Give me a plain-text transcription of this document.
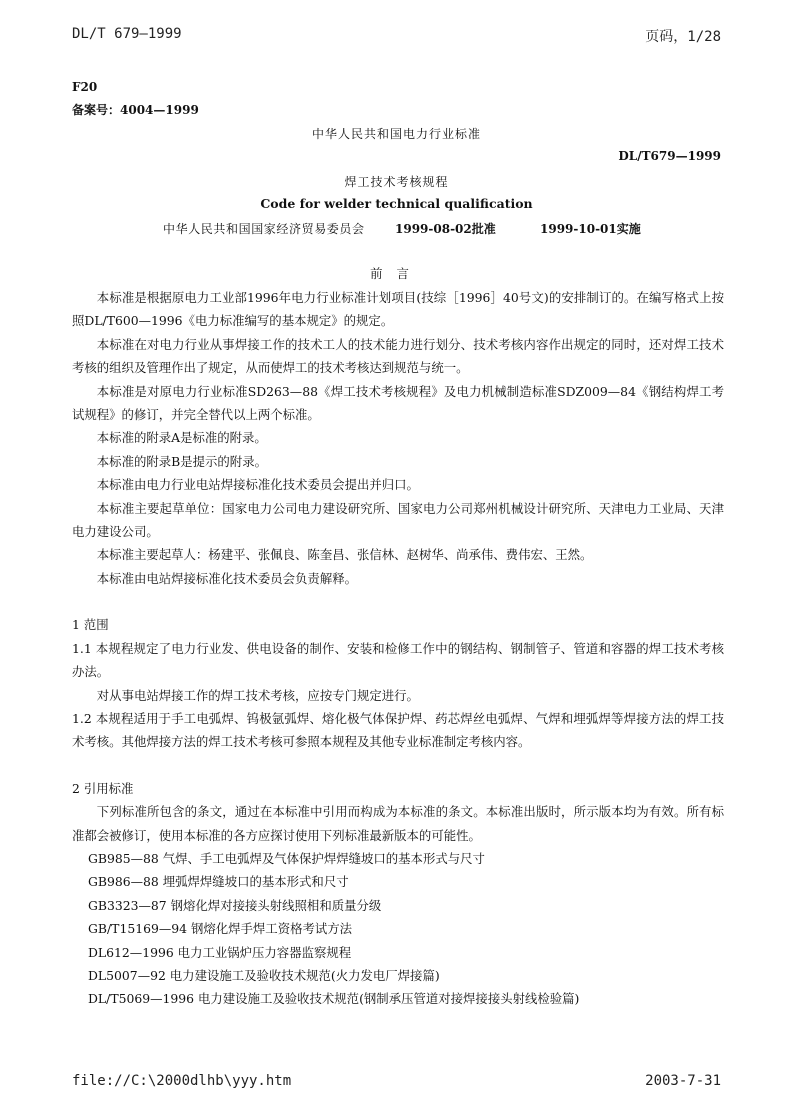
DL/T 679—1999	页码，1/28
F20
备案号：4004—1999
中华人民共和国电力行业标准
DL/T679—1999
焊工技术考核规程
Code for welder technical qualification
中华人民共和国国家经济贸易委员会	1999-08-02批准	1999-10-01实施
前言

本标准是根据原电力工业部1996年电力行业标准计划项目(技综［1996］40号文)的安排制订的。在编写格式上按照DL/T600—1996《电力标准编写的基本规定》的规定。

本标准在对电力行业从事焊接工作的技术工人的技术能力进行划分、技术考核内容作出规定的同时，还对焊工技术考核的组织及管理作出了规定，从而使焊工的技术考核达到规范与统一。

本标准是对原电力行业标准SD263—88《焊工技术考核规程》及电力机械制造标准SDZ009—84《钢结构焊工考试规程》的修订，并完全替代以上两个标准。

本标准的附录A是标准的附录。

本标准的附录B是提示的附录。

本标准由电力行业电站焊接标准化技术委员会提出并归口。

本标准主要起草单位：国家电力公司电力建设研究所、国家电力公司郑州机械设计研究所、天津电力工业局、天津电力建设公司。

本标准主要起草人：杨建平、张佩良、陈奎昌、张信林、赵树华、尚承伟、费伟宏、王然。

本标准由电站焊接标准化技术委员会负责解释。

1 范围

1.1 本规程规定了电力行业发、供电设备的制作、安装和检修工作中的钢结构、钢制管子、管道和容器的焊工技术考核办法。

对从事电站焊接工作的焊工技术考核，应按专门规定进行。

1.2 本规程适用于手工电弧焊、钨极氩弧焊、熔化极气体保护焊、药芯焊丝电弧焊、气焊和埋弧焊等焊接方法的焊工技术考核。其他焊接方法的焊工技术考核可参照本规程及其他专业标准制定考核内容。

2 引用标准

下列标准所包含的条文，通过在本标准中引用而构成为本标准的条文。本标准出版时，所示版本均为有效。所有标准都会被修订，使用本标准的各方应探讨使用下列标准最新版本的可能性。

GB985—88 气焊、手工电弧焊及气体保护焊焊缝坡口的基本形式与尺寸

GB986—88 埋弧焊焊缝坡口的基本形式和尺寸

GB3323—87 钢熔化焊对接接头射线照相和质量分级

GB/T15169—94 钢熔化焊手焊工资格考试方法

DL612—1996 电力工业锅炉压力容器监察规程

DL5007—92 电力建设施工及验收技术规范(火力发电厂焊接篇)

DL/T5069—1996 电力建设施工及验收技术规范(钢制承压管道对接焊接接头射线检验篇)

file://C:\2000dlhb\yyy.htm	2003-7-31
